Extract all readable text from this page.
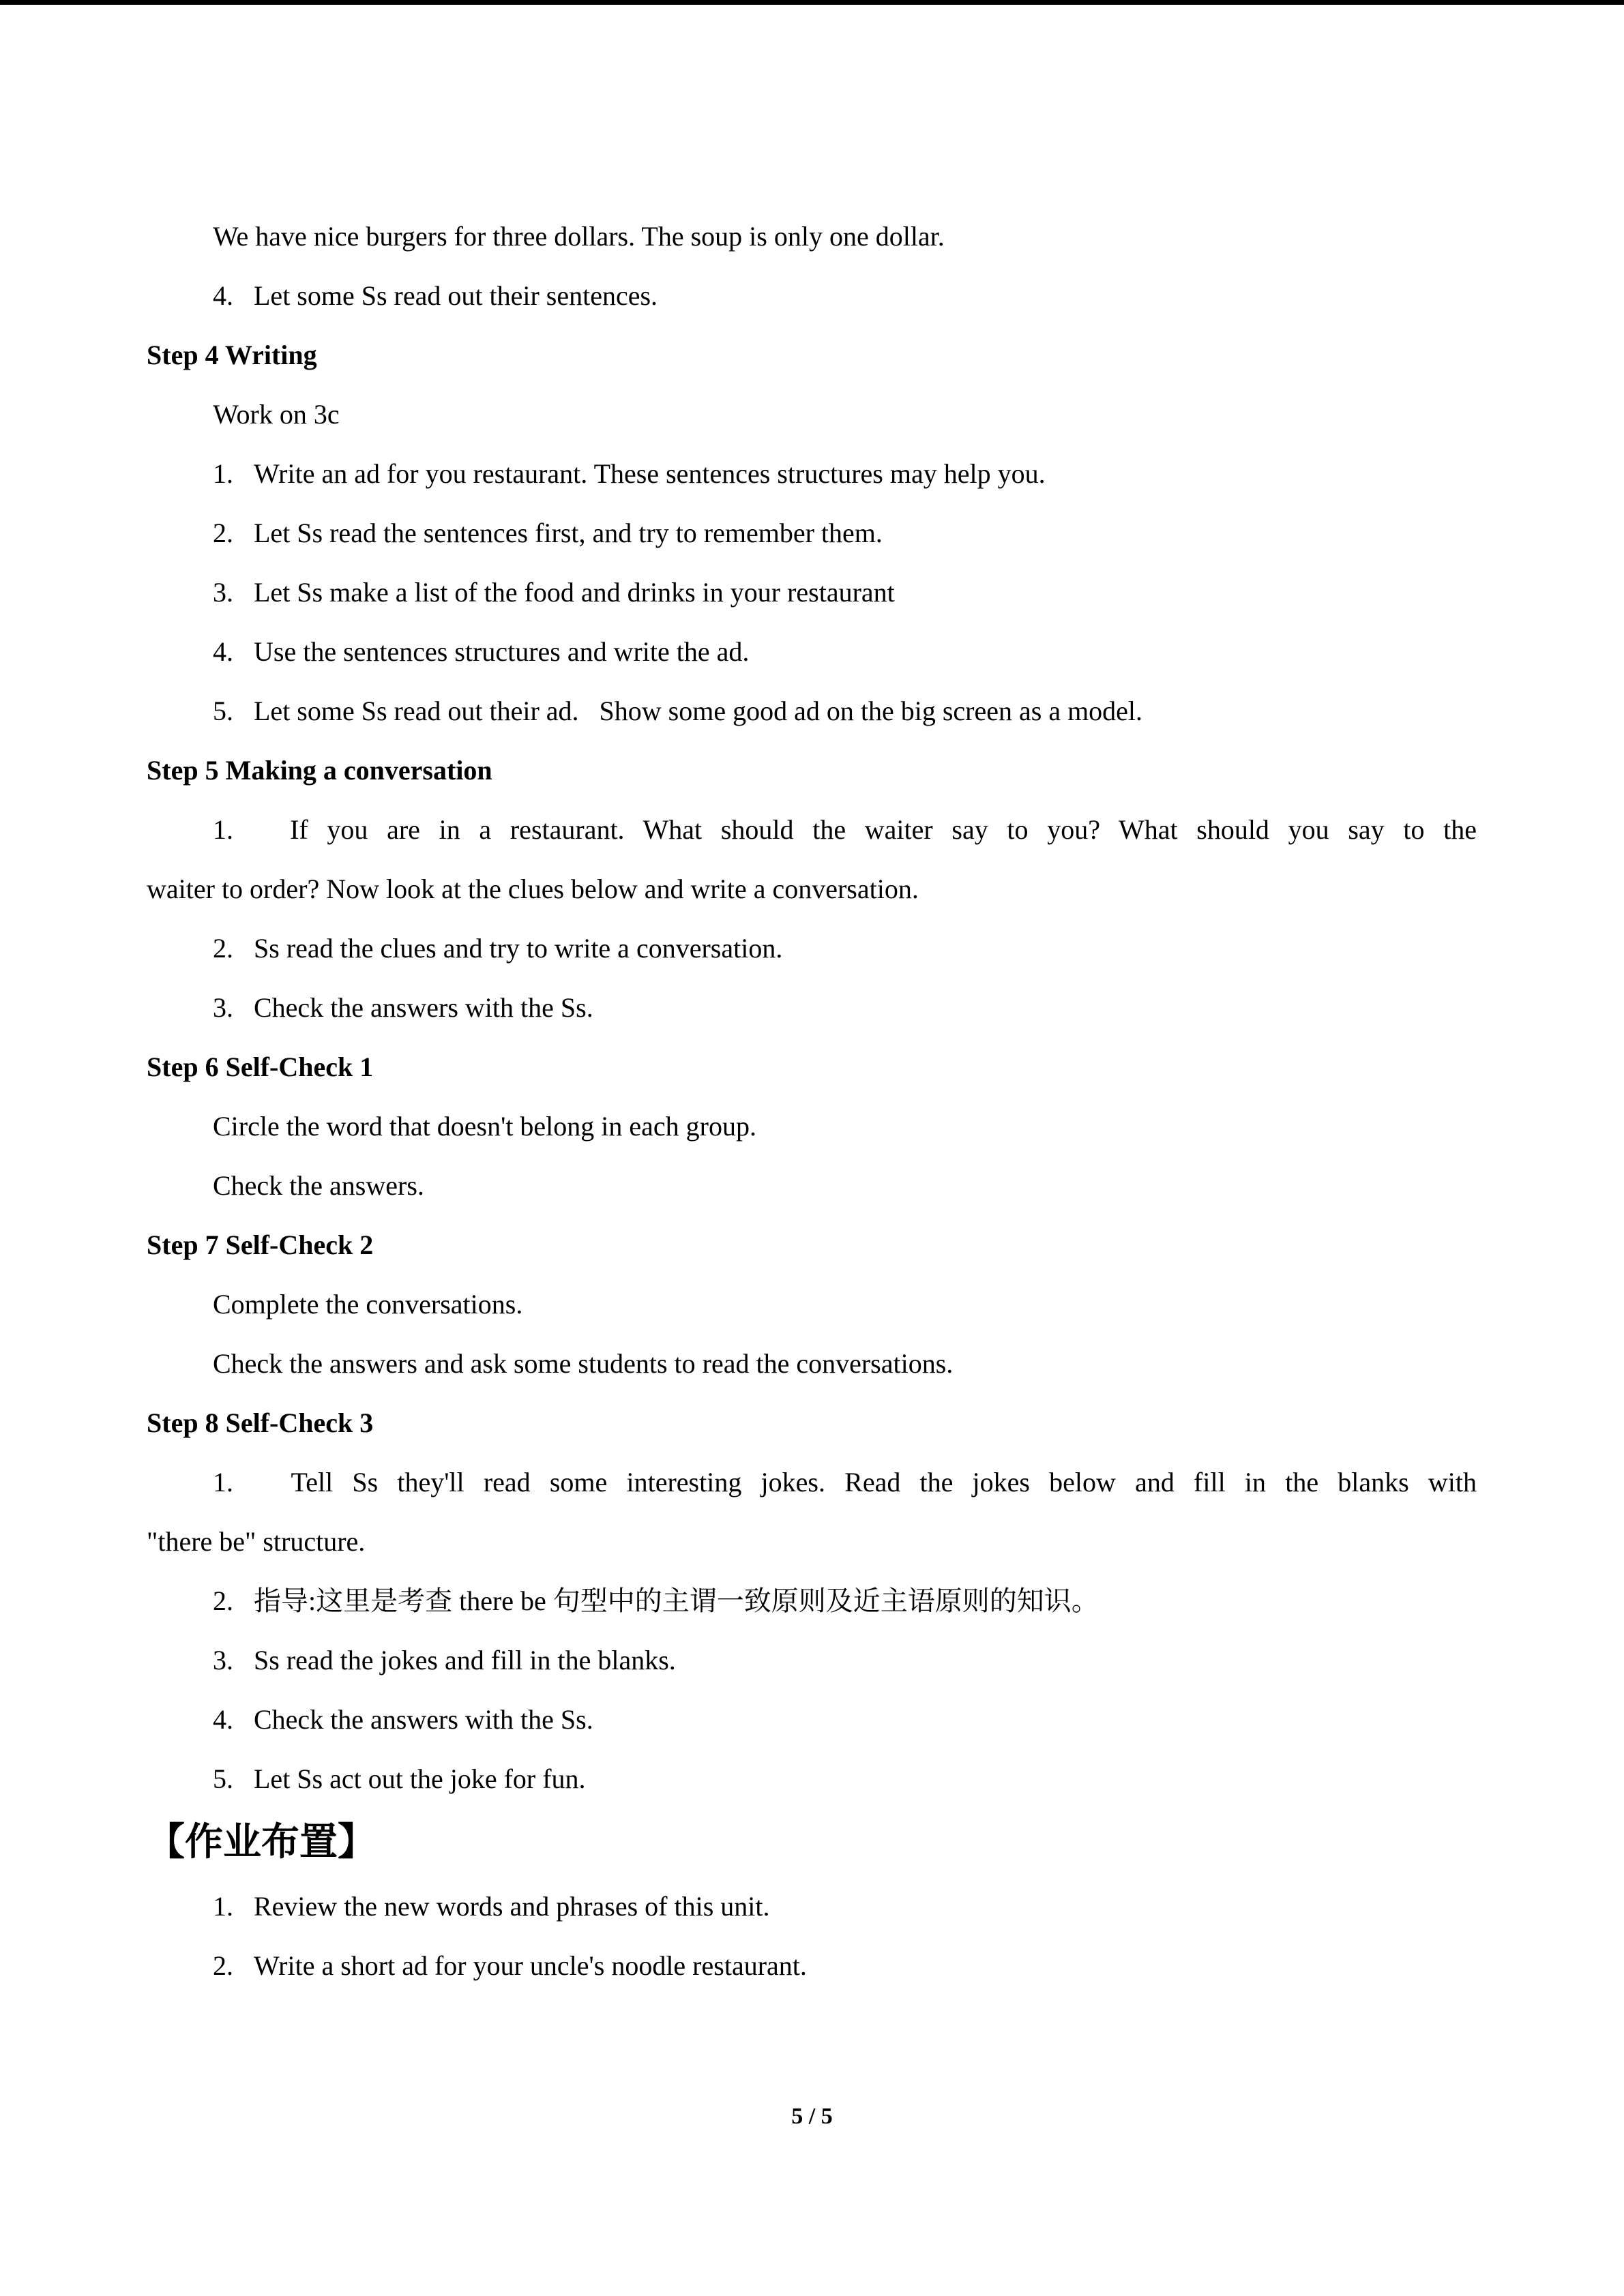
We have nice burgers for three dollars. The soup is only one dollar.

4.   Let some Ss read out their sentences.

Step 4 Writing

Work on 3c

1.   Write an ad for you restaurant. These sentences structures may help you.

2.   Let Ss read the sentences first, and try to remember them.

3.   Let Ss make a list of the food and drinks in your restaurant

4.   Use the sentences structures and write the ad.

5.   Let some Ss read out their ad.   Show some good ad on the big screen as a model.

Step 5 Making a conversation

1.   If you are in a restaurant. What should the waiter say to you? What should you say to the
waiter to order? Now look at the clues below and write a conversation.

2.   Ss read the clues and try to write a conversation.

3.   Check the answers with the Ss.

Step 6 Self-Check 1

Circle the word that doesn't belong in each group.

Check the answers.

Step 7 Self-Check 2

Complete the conversations.

Check the answers and ask some students to read the conversations.

Step 8 Self-Check 3

1.   Tell Ss they'll read some interesting jokes. Read the jokes below and fill in the blanks with
"there be" structure.

2.   指导:这里是考查 there be 句型中的主谓一致原则及近主语原则的知识。

3.   Ss read the jokes and fill in the blanks.

4.   Check the answers with the Ss.

5.   Let Ss act out the joke for fun.

【作业布置】

1.   Review the new words and phrases of this unit.

2.   Write a short ad for your uncle's noodle restaurant.

5 / 5
